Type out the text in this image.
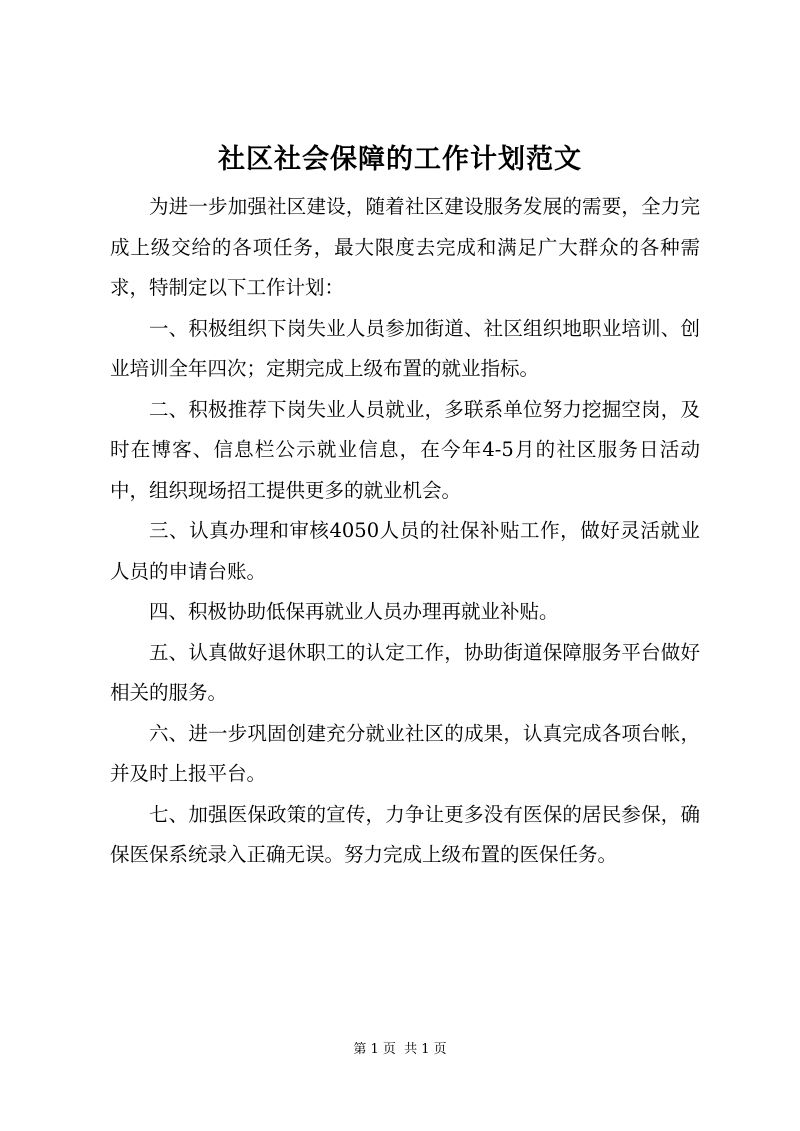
社区社会保障的工作计划范文

为进一步加强社区建设，随着社区建设服务发展的需要，全力完成上级交给的各项任务，最大限度去完成和满足广大群众的各种需求，特制定以下工作计划：

一、积极组织下岗失业人员参加街道、社区组织地职业培训、创业培训全年四次；定期完成上级布置的就业指标。

二、积极推荐下岗失业人员就业，多联系单位努力挖掘空岗，及时在博客、信息栏公示就业信息，在今年4-5月的社区服务日活动中，组织现场招工提供更多的就业机会。

三、认真办理和审核4050人员的社保补贴工作，做好灵活就业人员的申请台账。

四、积极协助低保再就业人员办理再就业补贴。

五、认真做好退休职工的认定工作，协助街道保障服务平台做好相关的服务。

六、进一步巩固创建充分就业社区的成果，认真完成各项台帐，并及时上报平台。

七、加强医保政策的宣传，力争让更多没有医保的居民参保，确保医保系统录入正确无误。努力完成上级布置的医保任务。

第 1 页  共 1 页
